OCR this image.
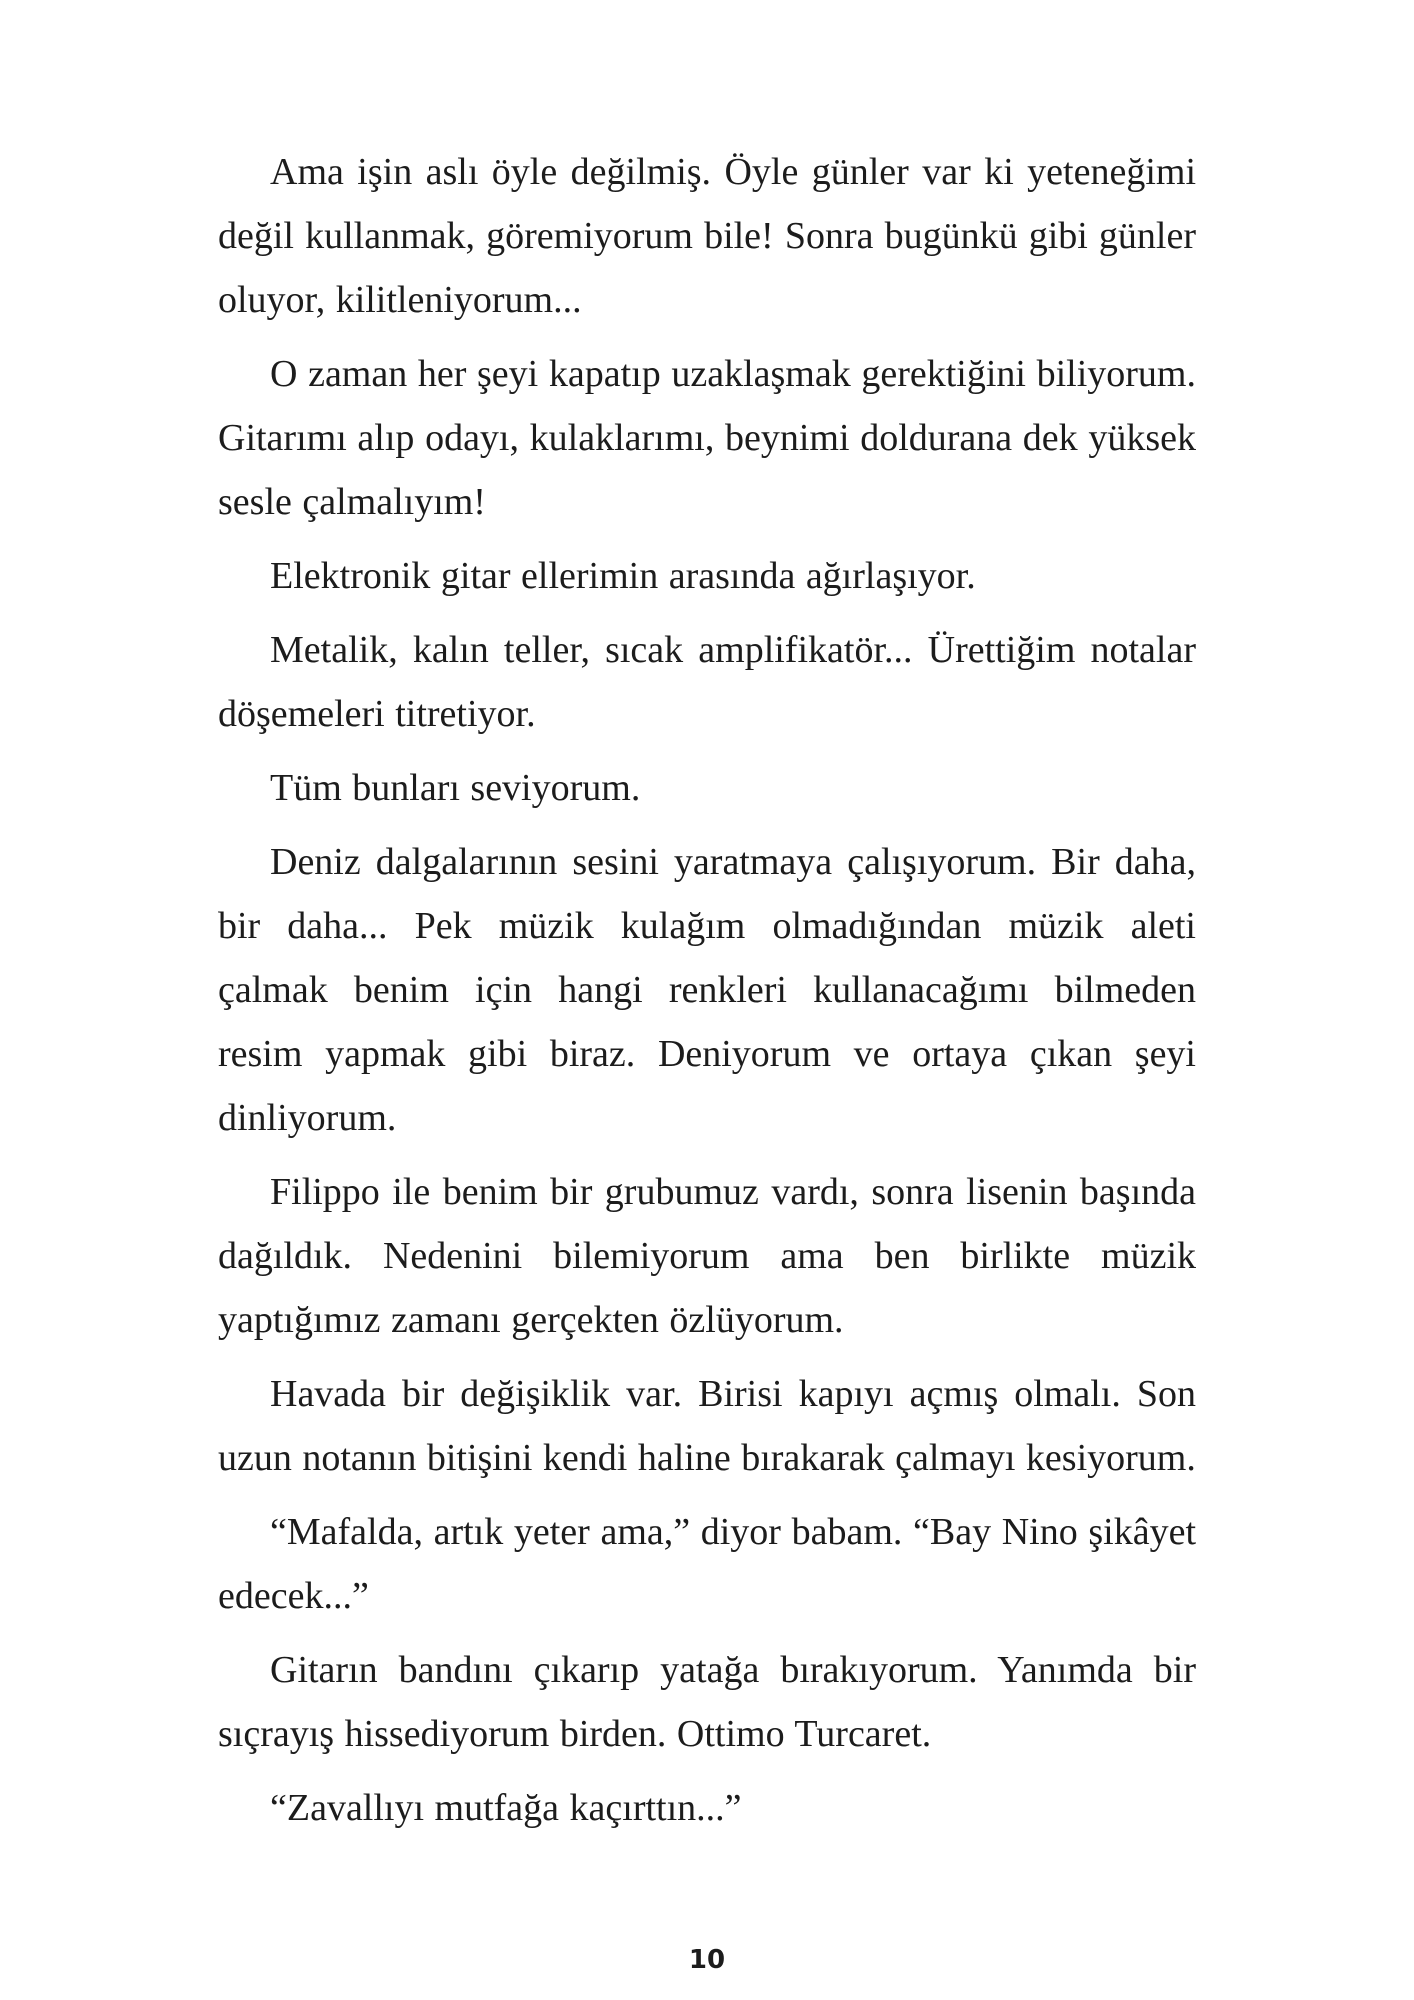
Ama işin aslı öyle değilmiş. Öyle günler var ki yeteneğimi değil kullanmak, göremiyorum bile! Sonra bugünkü gibi günler oluyor, kilitleniyorum...

O zaman her şeyi kapatıp uzaklaşmak gerektiğini biliyorum. Gitarımı alıp odayı, kulaklarımı, beynimi doldurana dek yüksek sesle çalmalıyım!

Elektronik gitar ellerimin arasında ağırlaşıyor.

Metalik, kalın teller, sıcak amplifikatör... Ürettiğim notalar döşemeleri titretiyor.

Tüm bunları seviyorum.

Deniz dalgalarının sesini yaratmaya çalışıyorum. Bir daha, bir daha... Pek müzik kulağım olmadığından müzik aleti çalmak benim için hangi renkleri kullanacağımı bilmeden resim yapmak gibi biraz. Deniyorum ve ortaya çıkan şeyi dinliyorum.

Filippo ile benim bir grubumuz vardı, sonra lisenin başında dağıldık. Nedenini bilemiyorum ama ben birlikte müzik yaptığımız zamanı gerçekten özlüyorum.

Havada bir değişiklik var. Birisi kapıyı açmış olmalı. Son uzun notanın bitişini kendi haline bırakarak çalmayı kesiyorum.

“Mafalda, artık yeter ama,” diyor babam. “Bay Nino şikâyet edecek...”

Gitarın bandını çıkarıp yatağa bırakıyorum. Yanımda bir sıçrayış hissediyorum birden. Ottimo Turcaret.

“Zavallıyı mutfağa kaçırttın...”

10
